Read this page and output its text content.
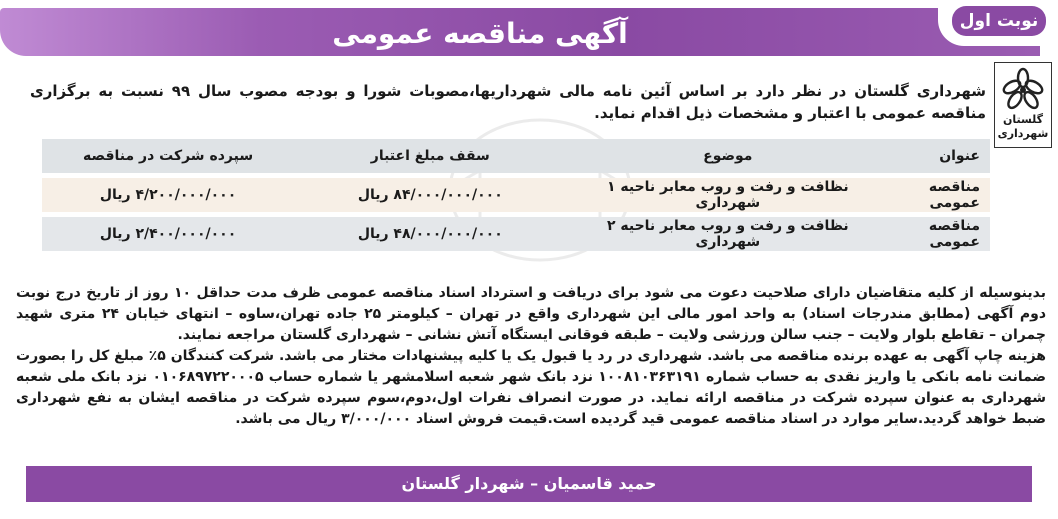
آگهی مناقصه عمومی	نوبت اول
گلستان
شهرداری
شهرداری گلستان در نظر دارد بر اساس آئین نامه مالی شهرداریها،مصوبات شورا و بودجه مصوب سال ۹۹ نسبت به برگزاری مناقصه عمومی با اعتبار و مشخصات ذیل اقدام نماید.
عنوان	موضوع	سقف مبلغ اعتبار	سپرده شرکت در مناقصه
مناقصه عمومی	نظافت و رفت و روب معابر ناحیه ۱ شهرداری	۸۴/۰۰۰/۰۰۰/۰۰۰ ریال	۴/۲۰۰/۰۰۰/۰۰۰ ریال
مناقصه عمومی	نظافت و رفت و روب معابر ناحیه ۲ شهرداری	۴۸/۰۰۰/۰۰۰/۰۰۰ ریال	۲/۴۰۰/۰۰۰/۰۰۰ ریال
بدینوسیله از کلیه متقاضیان دارای صلاحیت دعوت می شود برای دریافت و استرداد اسناد مناقصه عمومی ظرف مدت حداقل ۱۰ روز از تاریخ درج نوبت دوم آگهی (مطابق مندرجات اسناد) به واحد امور مالی این شهرداری واقع در تهران – کیلومتر ۲۵ جاده تهران،ساوه – انتهای خیابان ۲۴ متری شهید چمران – تقاطع بلوار ولایت – جنب سالن ورزشی ولایت – طبقه فوقانی ایستگاه آتش نشانی – شهرداری گلستان مراجعه نمایند.
هزینه چاپ آگهی به عهده برنده مناقصه می باشد. شهرداری در رد یا قبول یک یا کلیه پیشنهادات مختار می باشد. شرکت کنندگان ۵٪ مبلغ کل را بصورت ضمانت نامه بانکی یا واریز نقدی به حساب شماره ۱۰۰۸۱۰۳۶۳۱۹۱ نزد بانک شهر شعبه اسلامشهر یا شماره حساب ۰۱۰۶۸۹۷۲۲۰۰۰۵ نزد بانک ملی شعبه شهرداری به عنوان سپرده شرکت در مناقصه ارائه نماید. در صورت انصراف نفرات اول،دوم،سوم سپرده شرکت در مناقصه ایشان به نفع شهرداری ضبط خواهد گردید.سایر موارد در اسناد مناقصه عمومی قید گردیده است.قیمت فروش اسناد ۳/۰۰۰/۰۰۰ ریال می باشد.
حمید قاسمیان – شهردار گلستان
